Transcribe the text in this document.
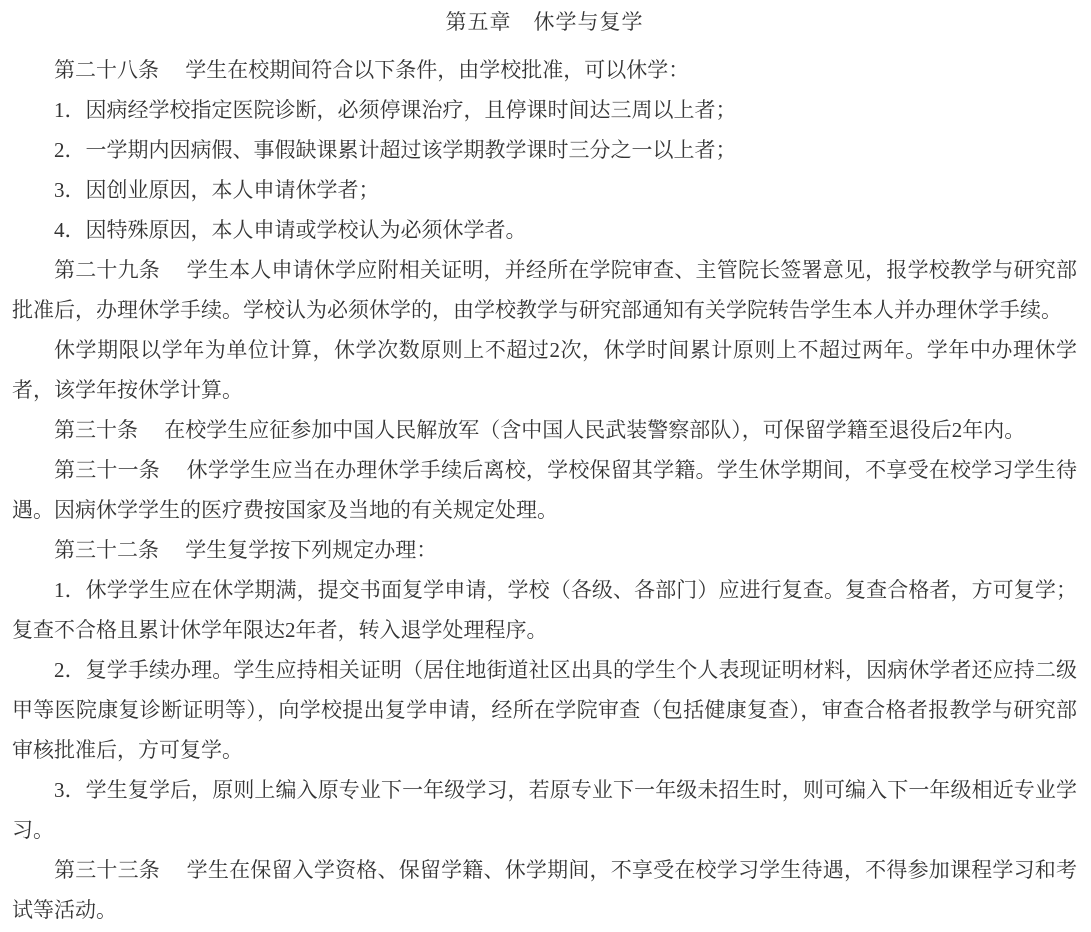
第五章　休学与复学

第二十八条　 学生在校期间符合以下条件，由学校批准，可以休学：

1．因病经学校指定医院诊断，必须停课治疗，且停课时间达三周以上者；

2．一学期内因病假、事假缺课累计超过该学期教学课时三分之一以上者；

3．因创业原因，本人申请休学者；

4．因特殊原因，本人申请或学校认为必须休学者。

第二十九条　 学生本人申请休学应附相关证明，并经所在学院审查、主管院长签署意见，报学校教学与研究部批准后，办理休学手续。学校认为必须休学的，由学校教学与研究部通知有关学院转告学生本人并办理休学手续。

休学期限以学年为单位计算，休学次数原则上不超过2次，休学时间累计原则上不超过两年。学年中办理休学者，该学年按休学计算。

第三十条　 在校学生应征参加中国人民解放军（含中国人民武装警察部队），可保留学籍至退役后2年内。

第三十一条　 休学学生应当在办理休学手续后离校，学校保留其学籍。学生休学期间，不享受在校学习学生待遇。因病休学学生的医疗费按国家及当地的有关规定处理。

第三十二条　 学生复学按下列规定办理：

1．休学学生应在休学期满，提交书面复学申请，学校（各级、各部门）应进行复查。复查合格者，方可复学；复查不合格且累计休学年限达2年者，转入退学处理程序。

2．复学手续办理。学生应持相关证明（居住地街道社区出具的学生个人表现证明材料，因病休学者还应持二级甲等医院康复诊断证明等），向学校提出复学申请，经所在学院审查（包括健康复查），审查合格者报教学与研究部审核批准后，方可复学。

3．学生复学后，原则上编入原专业下一年级学习，若原专业下一年级未招生时，则可编入下一年级相近专业学习。

第三十三条　 学生在保留入学资格、保留学籍、休学期间，不享受在校学习学生待遇，不得参加课程学习和考试等活动。
